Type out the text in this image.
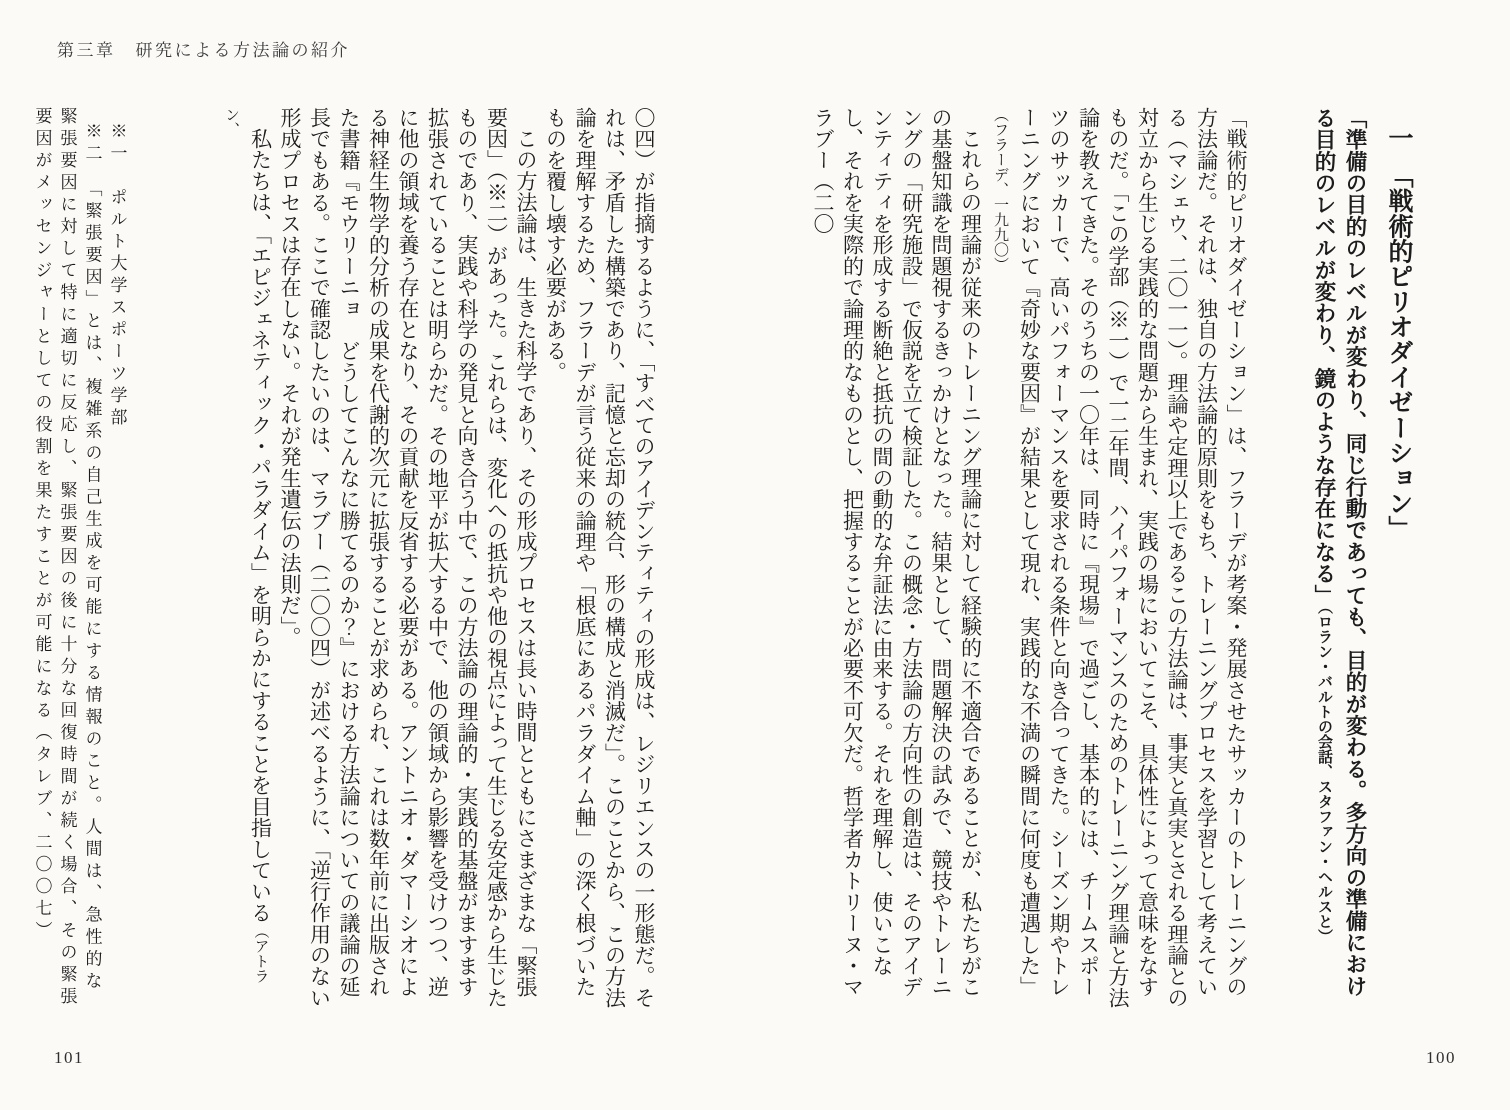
第三章 研究による方法論の紹介
一　「戦術的ピリオダイゼーション」

「準備の目的のレベルが変わり、同じ行動であっても、目的が変わる。多方向の準備における目的のレベルが変わり、鏡のような存在になる」（ロラン・バルトの会話、スタファン・ヘルスと）

「戦術的ピリオダイゼーション」は、フラーデが考案・発展させたサッカーのトレーニングの方法論だ。それは、独自の方法論的原則をもち、トレーニングプロセスを学習として考えている（マシェウ、二〇一一）。理論や定理以上であるこの方法論は、事実と真実とされる理論との対立から生じる実践的な問題から生まれ、実践の場においてこそ、具体性によって意味をなすものだ。「この学部（※一）で一二年間、ハイパフォーマンスのためのトレーニング理論と方法論を教えてきた。そのうちの一〇年は、同時に『現場』で過ごし、基本的には、チームスポーツのサッカーで、高いパフォーマンスを要求される条件と向き合ってきた。シーズン期やトレーニングにおいて『奇妙な要因』が結果として現れ、実践的な不満の瞬間に何度も遭遇した」（フラーデ、一九九〇）

これらの理論が従来のトレーニング理論に対して経験的に不適合であることが、私たちがこの基盤知識を問題視するきっかけとなった。結果として、問題解決の試みで、競技やトレーニングの「研究施設」で仮説を立て検証した。この概念・方法論の方向性の創造は、そのアイデンティティを形成する断絶と抵抗の間の動的な弁証法に由来する。それを理解し、使いこなし、それを実際的で論理的なものとし、把握することが必要不可欠だ。哲学者カトリーヌ・マラブー（二〇

〇四）が指摘するように、「すべてのアイデンティティの形成は、レジリエンスの一形態だ。それは、矛盾した構築であり、記憶と忘却の統合、形の構成と消滅だ」。このことから、この方法論を理解するため、フラーデが言う従来の論理や「根底にあるパラダイム軸」の深く根づいたものを覆し壊す必要がある。

この方法論は、生きた科学であり、その形成プロセスは長い時間とともにさまざまな「緊張要因」（※二）があった。これらは、変化への抵抗や他の視点によって生じる安定感から生じたものであり、実践や科学の発見と向き合う中で、この方法論の理論的・実践的基盤がますます拡張されていることは明らかだ。その地平が拡大する中で、他の領域から影響を受けつつ、逆に他の領域を養う存在となり、その貢献を反省する必要がある。アントニオ・ダマーシオによる神経生物学的分析の成果を代謝的次元に拡張することが求められ、これは数年前に出版された書籍『モウリーニョ　どうしてこんなに勝てるのか？』における方法論についての議論の延長でもある。ここで確認したいのは、マラブー（二〇〇四）が述べるように、「逆行作用のない形成プロセスは存在しない。それが発生遺伝の法則だ」。

私たちは、「エピジェネティック・パラダイム」を明らかにすることを目指している（アトラン、

※一　ポルト大学スポーツ学部

※二　「緊張要因」とは、複雑系の自己生成を可能にする情報のこと。人間は、急性的な緊張要因に対して特に適切に反応し、緊張要因の後に十分な回復時間が続く場合、その緊張要因がメッセンジャーとしての役割を果たすことが可能になる（タレブ、二〇〇七）

101	100
